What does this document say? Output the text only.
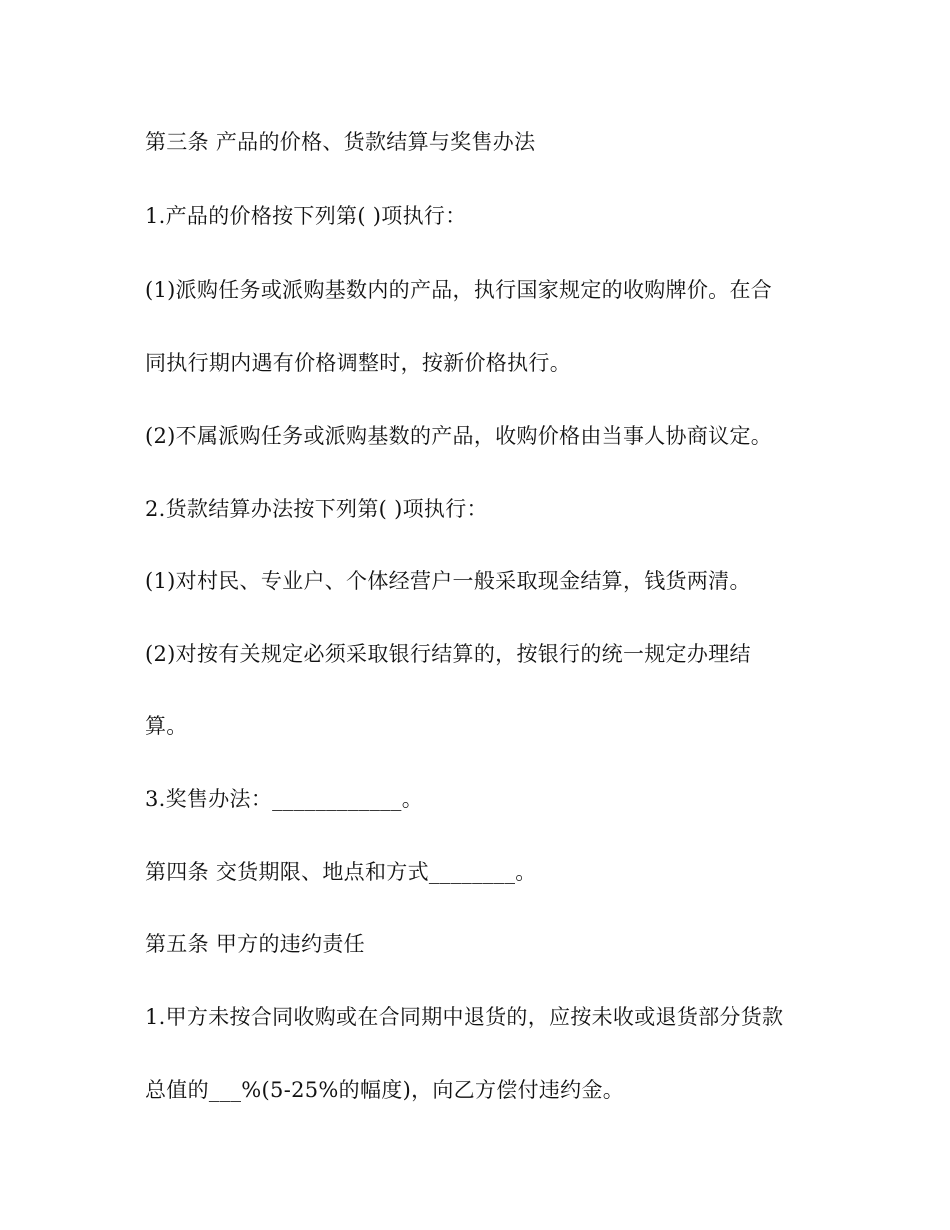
第三条 产品的价格、货款结算与奖售办法
1.产品的价格按下列第( )项执行：
(1)派购任务或派购基数内的产品，执行国家规定的收购牌价。在合
同执行期内遇有价格调整时，按新价格执行。
(2)不属派购任务或派购基数的产品，收购价格由当事人协商议定。
2.货款结算办法按下列第( )项执行：
(1)对村民、专业户、个体经营户一般采取现金结算，钱货两清。
(2)对按有关规定必须采取银行结算的，按银行的统一规定办理结
算。
3.奖售办法：____________。
第四条 交货期限、地点和方式________。
第五条 甲方的违约责任
1.甲方未按合同收购或在合同期中退货的，应按未收或退货部分货款
总值的___%(5-25%的幅度)，向乙方偿付违约金。
